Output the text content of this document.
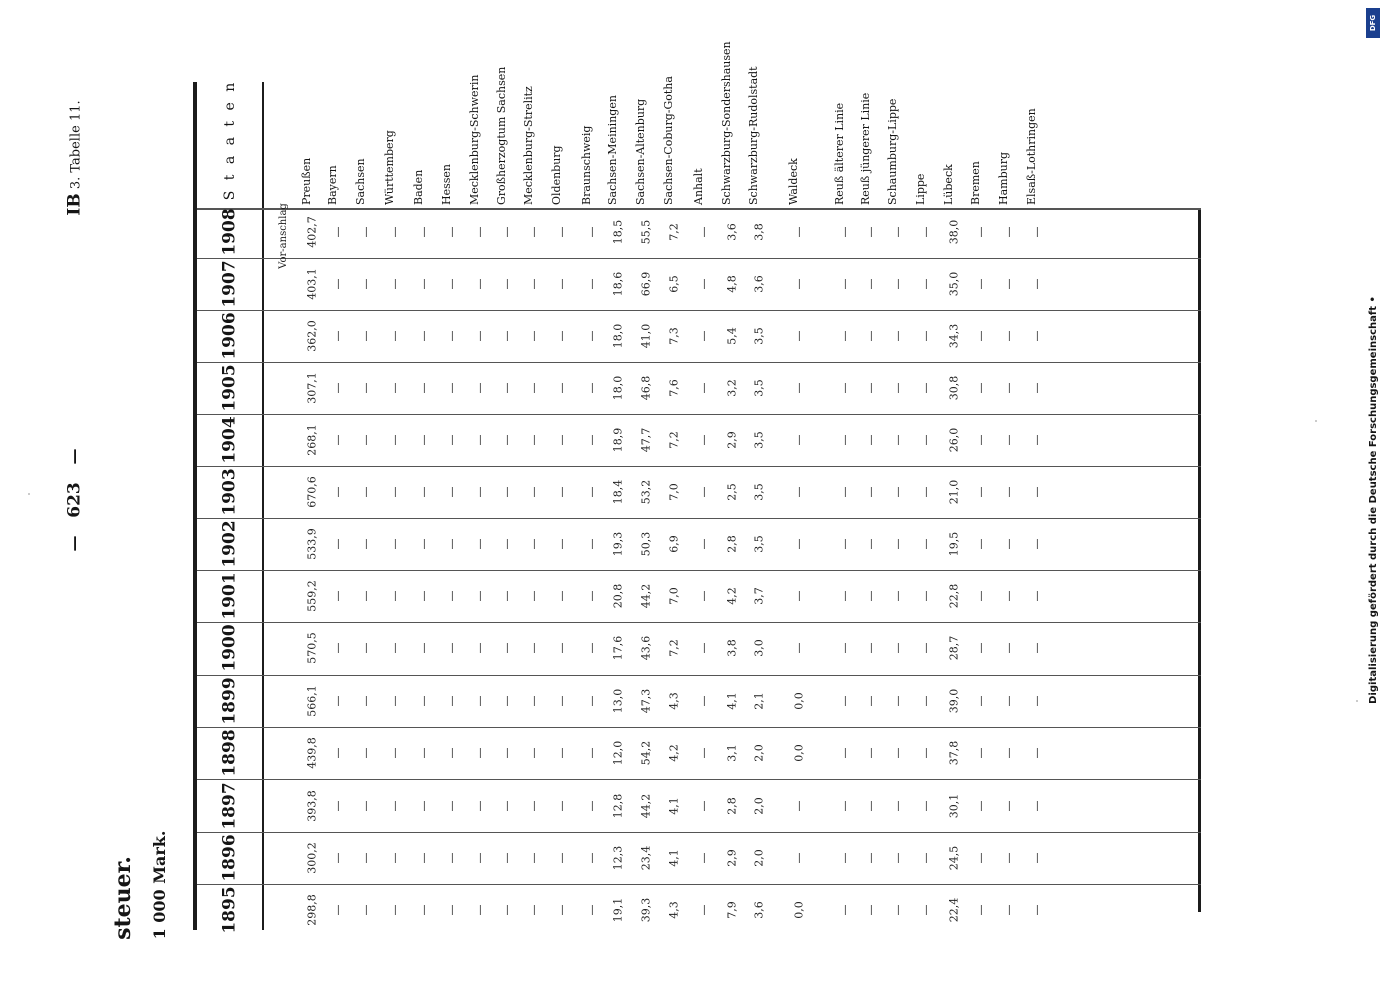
—   623   —
IB 3. Tabelle 11.
steuer. 1 000 Mark.
S t a a t e n
1895
1896
1897
1898
1899
1900
1901
1902
1903
1904
1905
1906
1907
1908
Preußen Bayern Sachsen Württemberg Baden Hessen Mecklenburg-Schwerin Großherzogtum Sachsen Mecklenburg-Strelitz Oldenburg Braunschweig Sachsen-Meiningen Sachsen-Altenburg Sachsen-Coburg-Gotha Anhalt Schwarzburg-Sondershausen Schwarzburg-Rudolstadt Waldeck	Reuß älterer Linie Reuß jüngerer Linie Schaumburg-Lippe Lippe Lübeck Bremen Hamburg Elsaß-Lothringen
Vor-anschlag
298,8
300,2
393,8
439,8
566,1
570,5
559,2
533,9
670,6
268,1
307,1
362,0
403,1
402,7
—
—
—
—
—
—
—
—
—
—
—
—
—
—
—
—
—
—
—
—
—
—
—
—
—
—
—
—
—
—
—
—
—
—
—
—
—
—
—
—
—
—
—
—
—
—
—
—
—
—
—
—
—
—
—
—
—
—
—
—
—
—
—
—
—
—
—
—
—
—
—
—
—
—
—
—
—
—
—
—
—
—
—
—
—
—
—
—
—
—
—
—
—
—
—
—
—
—
—
—
—
—
—
—
—
—
—
—
—
—
—
—
—
—
—
—
—
—
—
—
—
—
—
—
—
—
—
—
—
—
—
—
—
—
—
—
—
—
—
—
19,1
12,3
12,8
12,0
13,0
17,6
20,8
19,3
18,4
18,9
18,0
18,0
18,6
18,5
39,3
23,4
44,2
54,2
47,3
43,6
44,2
50,3
53,2
47,7
46,8
41,0
66,9
55,5
4,3
4,1
4,1
4,2
4,3
7,2
7,0
6,9
7,0
7,2
7,6
7,3
6,5
7,2
—
—
—
—
—
—
—
—
—
—
—
—
—
—
7,9
2,9
2,8
3,1
4,1
3,8
4,2
2,8
2,5
2,9
3,2
5,4
4,8
3,6
3,6
2,0
2,0
2,0
2,1
3,0
3,7
3,5
3,5
3,5
3,5
3,5
3,6
3,8
0,0
—
—
0,0
0,0
—
—
—
—
—
—
—
—
—
—
—
—
—
—
—
—
—
—
—
—
—
—
—
—
—
—
—
—
—
—
—
—
—
—
—
—
—
—
—
—
—
—
—
—
—
—
—
—
—
—
—
—
—
—
—
—
—
—
—
—
—
—
—
—
—
22,4
24,5
30,1
37,8
39,0
28,7
22,8
19,5
21,0
26,0
30,8
34,3
35,0
38,0
—
—
—
—
—
—
—
—
—
—
—
—
—
—
—
—
—
—
—
—
—
—
—
—
—
—
—
—
—
—
—
—
—
—
—
—
—
—
—
—
—
—
DFG
Digitalisierung gefördert durch die Deutsche Forschungsgemeinschaft •
